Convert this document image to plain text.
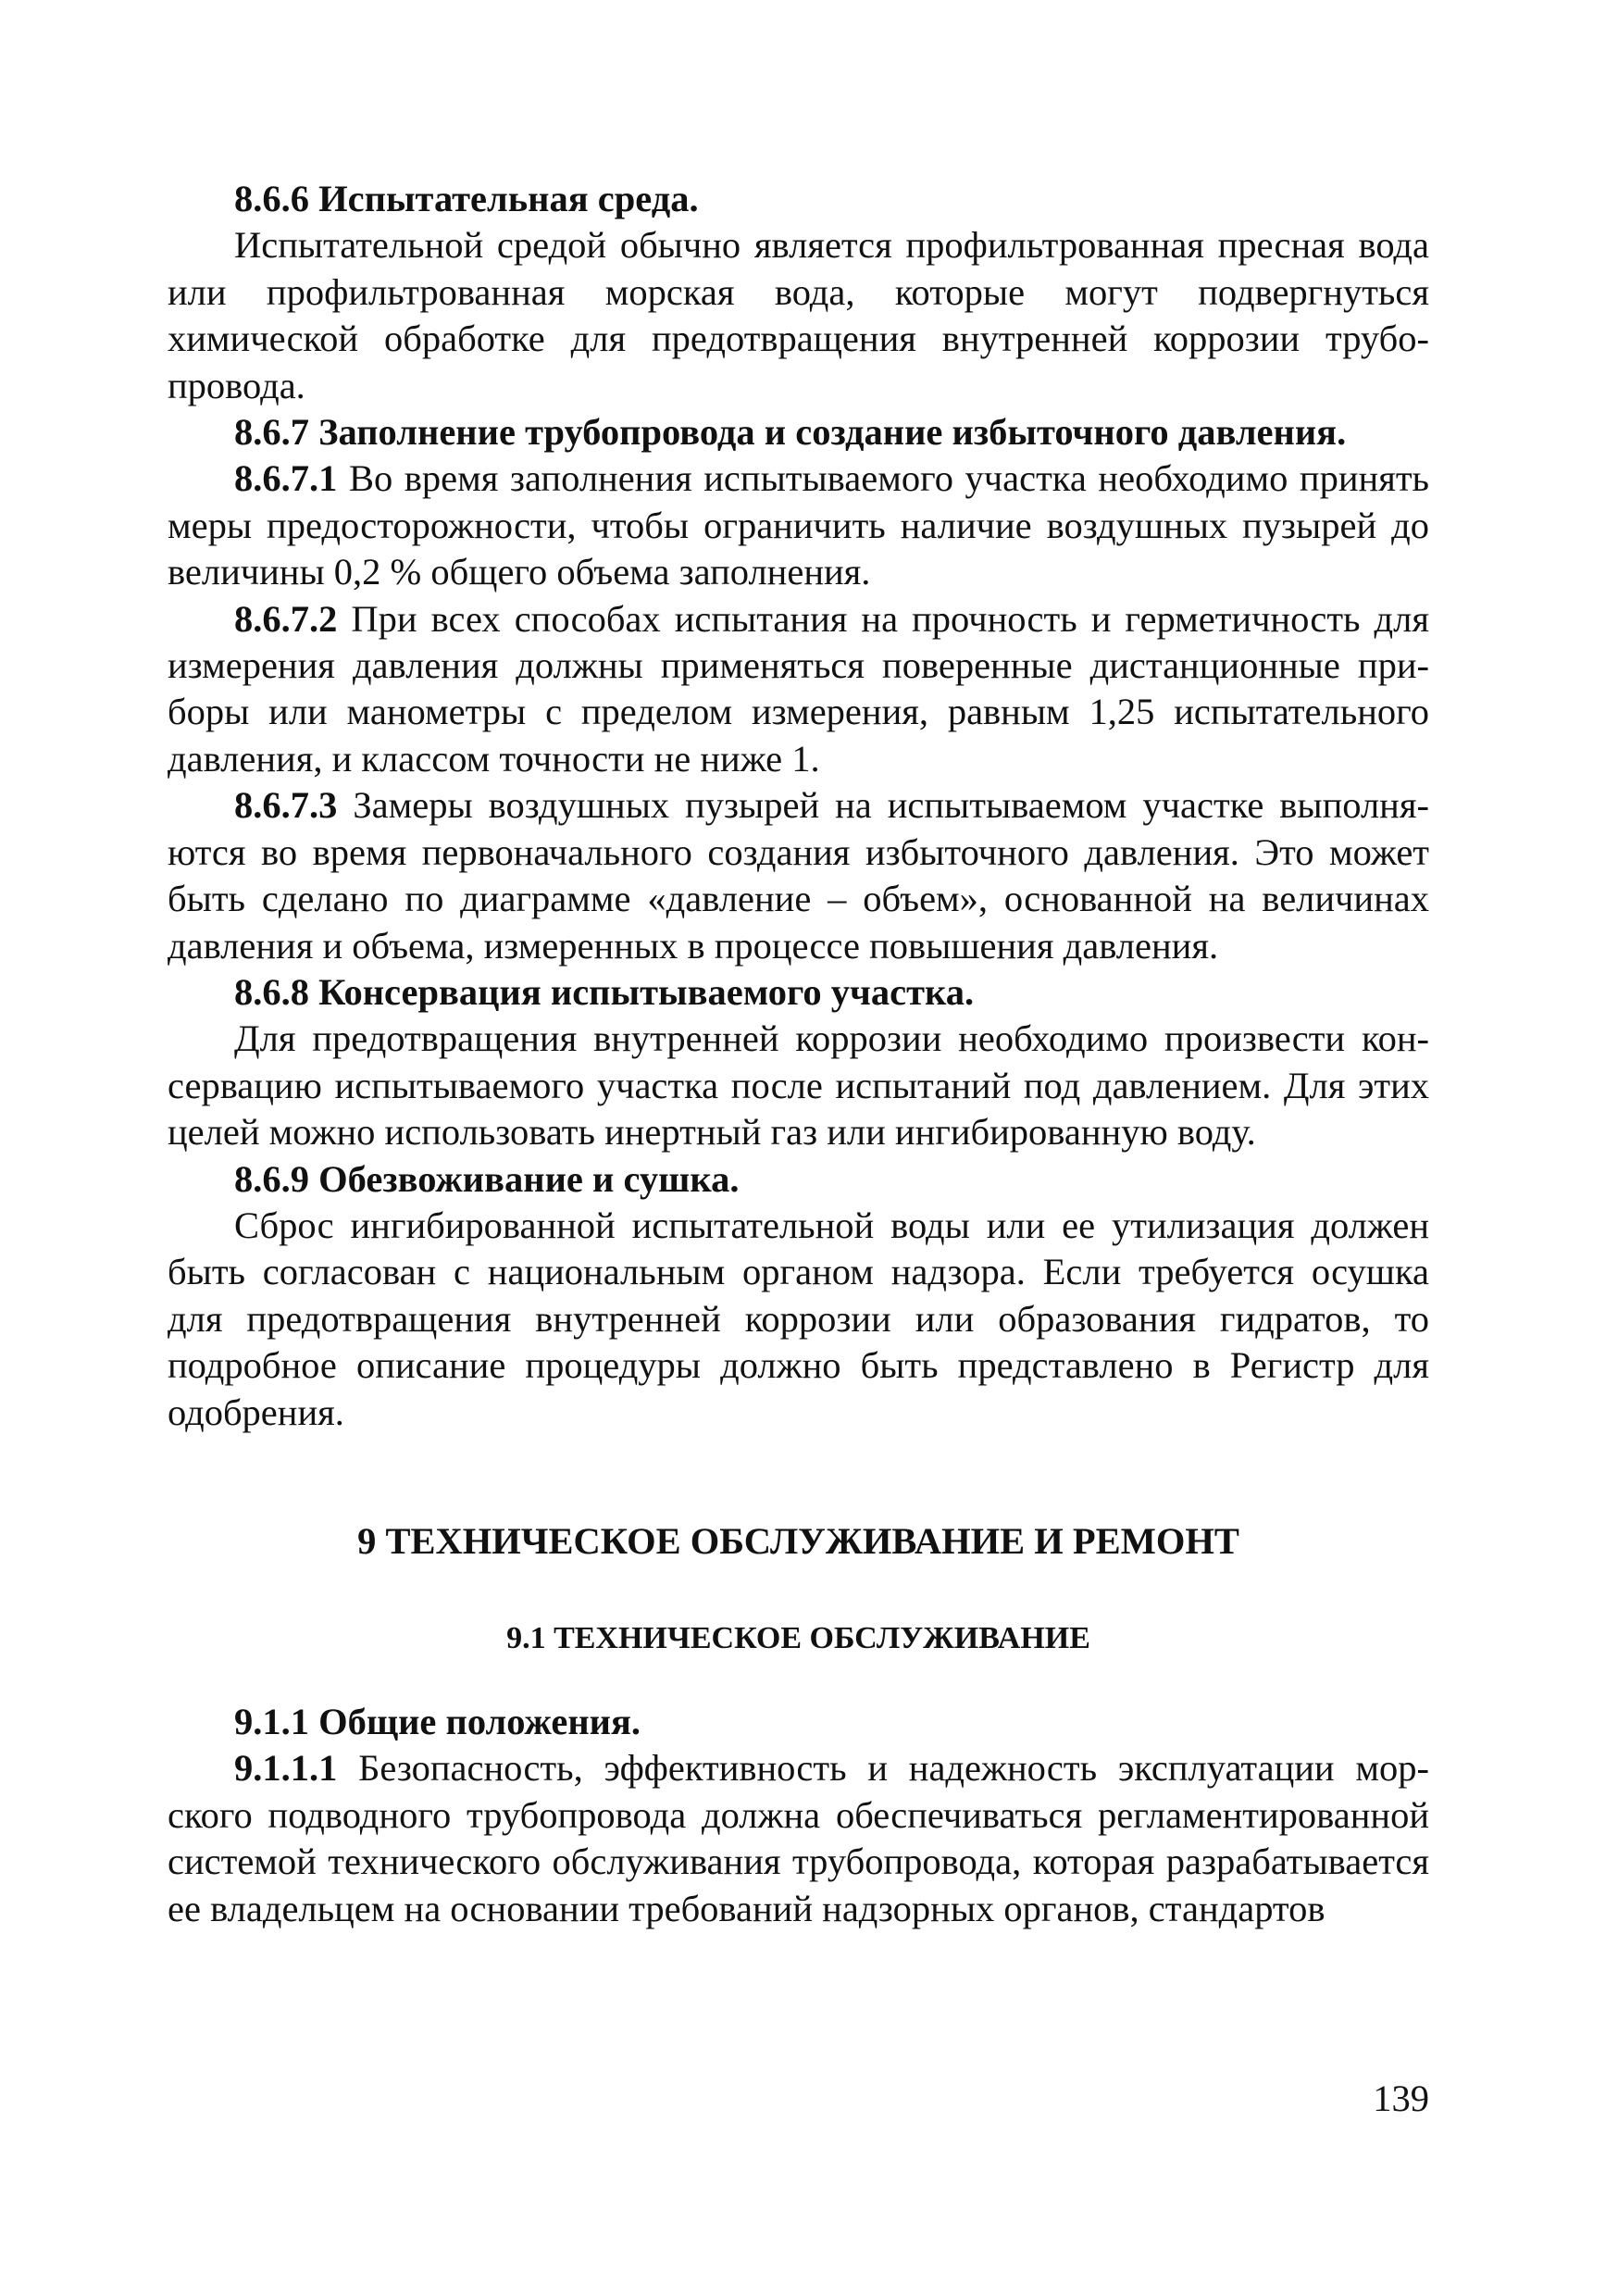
8.6.6 Испытательная среда.

Испытательной средой обычно является профильтрованная пресная вода или профильтрованная морская вода, которые могут подвергнуться химической обработке для предотвращения внутренней коррозии трубопровода.

8.6.7 Заполнение трубопровода и создание избыточного давления.

8.6.7.1 Во время заполнения испытываемого участка необходимо принять меры предосторожности, чтобы ограничить наличие воздушных пузырей до величины 0,2 % общего объема заполнения.

8.6.7.2 При всех способах испытания на прочность и герметичность для измерения давления должны применяться поверенные дистанционные приборы или манометры с пределом измерения, равным 1,25 испытательного давления, и классом точности не ниже 1.

8.6.7.3 Замеры воздушных пузырей на испытываемом участке выполняются во время первоначального создания избыточного давления. Это может быть сделано по диаграмме «давление – объем», основанной на величинах давления и объема, измеренных в процессе повышения давления.

8.6.8 Консервация испытываемого участка.

Для предотвращения внутренней коррозии необходимо произвести консервацию испытываемого участка после испытаний под давлением. Для этих целей можно использовать инертный газ или ингибированную воду.

8.6.9 Обезвоживание и сушка.

Сброс ингибированной испытательной воды или ее утилизация должен быть согласован с национальным органом надзора. Если требуется осушка для предотвращения внутренней коррозии или образования гидратов, то подробное описание процедуры должно быть представлено в Регистр для одобрения.

9 ТЕХНИЧЕСКОЕ ОБСЛУЖИВАНИЕ И РЕМОНТ

9.1 ТЕХНИЧЕСКОЕ ОБСЛУЖИВАНИЕ

9.1.1 Общие положения.

9.1.1.1 Безопасность, эффективность и надежность эксплуатации морского подводного трубопровода должна обеспечиваться регламентированной системой технического обслуживания трубопровода, которая разрабатывается ее владельцем на основании требований надзорных органов, стандартов

139
